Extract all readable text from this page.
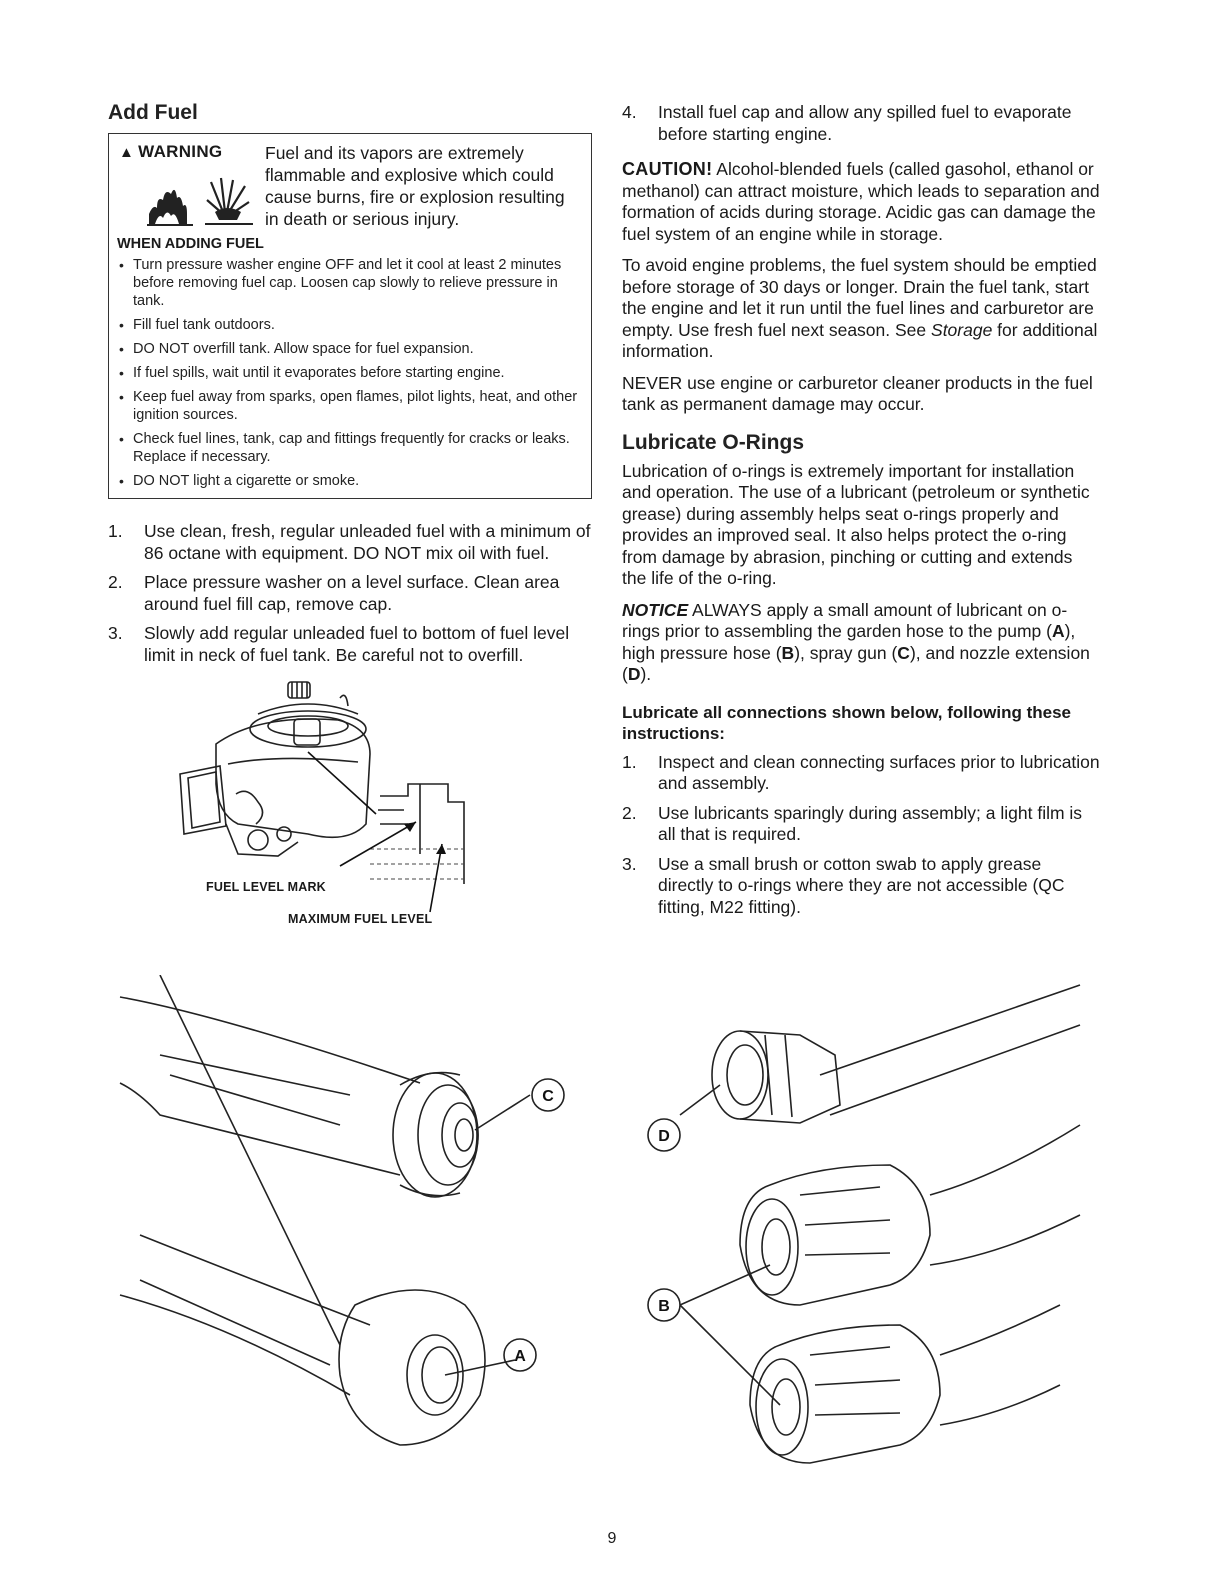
Add Fuel
▲ WARNING Fuel and its vapors are extremely flammable and explosive which could cause burns, fire or explosion resulting in death or serious injury.
WHEN ADDING FUEL
• Turn pressure washer engine OFF and let it cool at least 2 minutes before removing fuel cap. Loosen cap slowly to relieve pressure in tank.
• Fill fuel tank outdoors.
• DO NOT overfill tank. Allow space for fuel expansion.
• If fuel spills, wait until it evaporates before starting engine.
• Keep fuel away from sparks, open flames, pilot lights, heat, and other ignition sources.
• Check fuel lines, tank, cap and fittings frequently for cracks or leaks. Replace if necessary.
• DO NOT light a cigarette or smoke.
1. Use clean, fresh, regular unleaded fuel with a minimum of 86 octane with equipment. DO NOT mix oil with fuel.
2. Place pressure washer on a level surface. Clean area around fuel fill cap, remove cap.
3. Slowly add regular unleaded fuel to bottom of fuel level limit in neck of fuel tank. Be careful not to overfill.
FUEL LEVEL MARK
MAXIMUM FUEL LEVEL
4. Install fuel cap and allow any spilled fuel to evaporate before starting engine.

CAUTION! Alcohol-blended fuels (called gasohol, ethanol or methanol) can attract moisture, which leads to separation and formation of acids during storage. Acidic gas can damage the fuel system of an engine while in storage.

To avoid engine problems, the fuel system should be emptied before storage of 30 days or longer. Drain the fuel tank, start the engine and let it run until the fuel lines and carburetor are empty. Use fresh fuel next season. See Storage for additional information.

NEVER use engine or carburetor cleaner products in the fuel tank as permanent damage may occur.

Lubricate O-Rings

Lubrication of o-rings is extremely important for installation and operation. The use of a lubricant (petroleum or synthetic grease) during assembly helps seat o-rings properly and provides an improved seal. It also helps protect the o-ring from damage by abrasion, pinching or cutting and extends the life of the o-ring.

NOTICE ALWAYS apply a small amount of lubricant on o-rings prior to assembling the garden hose to the pump (A), high pressure hose (B), spray gun (C), and nozzle extension (D).

Lubricate all connections shown below, following these instructions:
1. Inspect and clean connecting surfaces prior to lubrication and assembly.
2. Use lubricants sparingly during assembly; a light film is all that is required.
3. Use a small brush or cotton swab to apply grease directly to o-rings where they are not accessible (QC fitting, M22 fitting).
C
A
D
B
9
